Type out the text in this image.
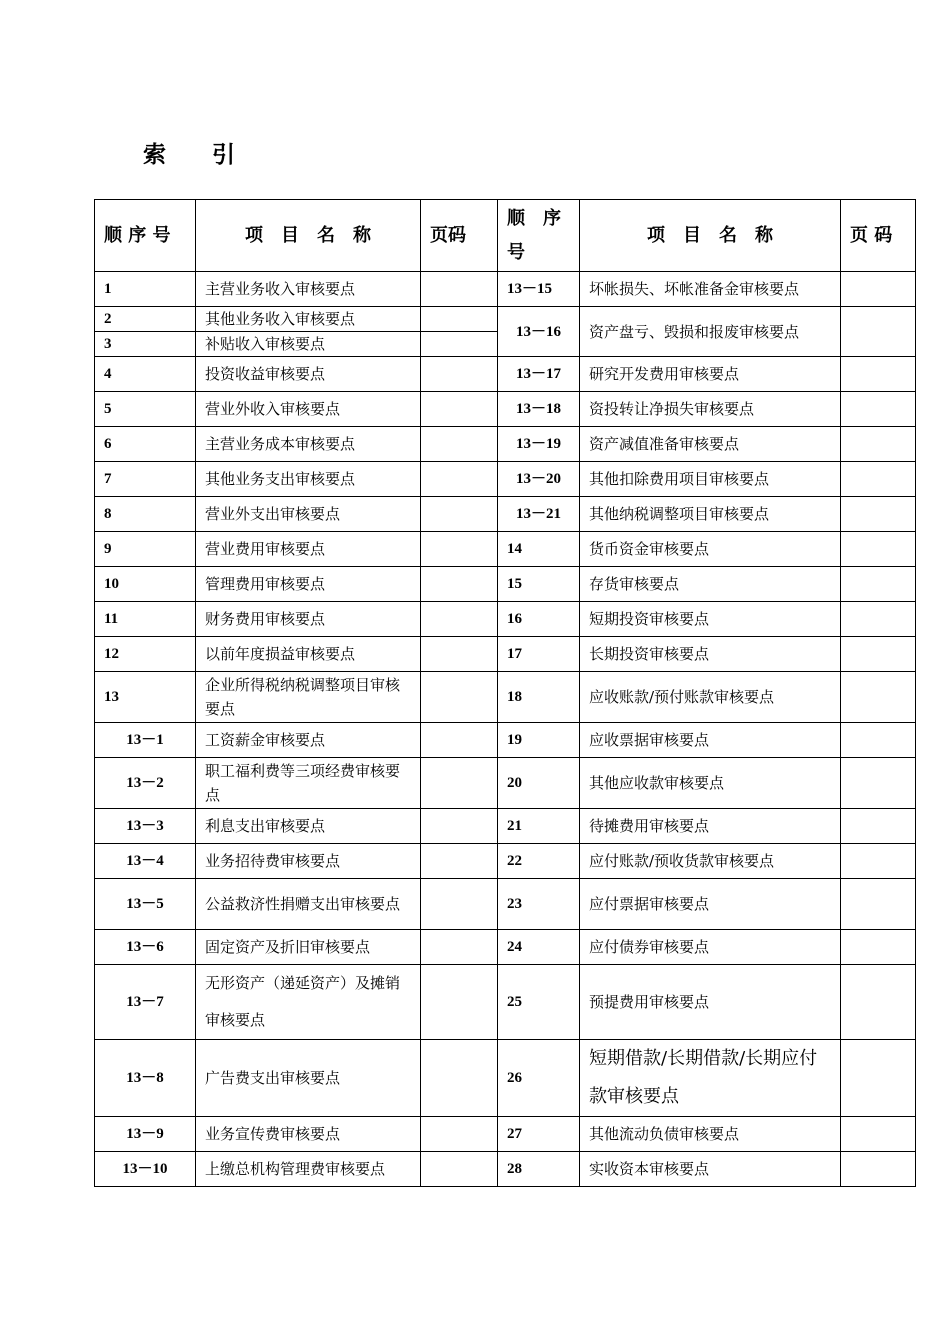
索 引
顺 序 号	项　目　名　称	页码	顺　序号	项　目　名　称	页 码
1	主营业务收入审核要点		13－15	坏帐损失、坏帐准备金审核要点	
2	其他业务收入审核要点		13－16	资产盘亏、毁损和报废审核要点	
3	补贴收入审核要点				
4	投资收益审核要点		13－17	研究开发费用审核要点	
5	营业外收入审核要点		13－18	资投转让净损失审核要点	
6	主营业务成本审核要点		13－19	资产减值准备审核要点	
7	其他业务支出审核要点		13－20	其他扣除费用项目审核要点	
8	营业外支出审核要点		13－21	其他纳税调整项目审核要点	
9	营业费用审核要点		14	货币资金审核要点	
10	管理费用审核要点		15	存货审核要点	
11	财务费用审核要点		16	短期投资审核要点	
12	以前年度损益审核要点		17	长期投资审核要点	
13	企业所得税纳税调整项目审核要点		18	应收账款/预付账款审核要点	
13－1	工资薪金审核要点		19	应收票据审核要点	
13－2	职工福利费等三项经费审核要点		20	其他应收款审核要点	
13－3	利息支出审核要点		21	待摊费用审核要点	
13－4	业务招待费审核要点		22	应付账款/预收货款审核要点	
13－5	公益救济性捐赠支出审核要点		23	应付票据审核要点	
13－6	固定资产及折旧审核要点		24	应付债券审核要点	
13－7	无形资产（递延资产）及摊销审核要点		25	预提费用审核要点	
13－8	广告费支出审核要点		26	短期借款/长期借款/长期应付款审核要点	
13－9	业务宣传费审核要点		27	其他流动负债审核要点	
13－10	上缴总机构管理费审核要点		28	实收资本审核要点	
